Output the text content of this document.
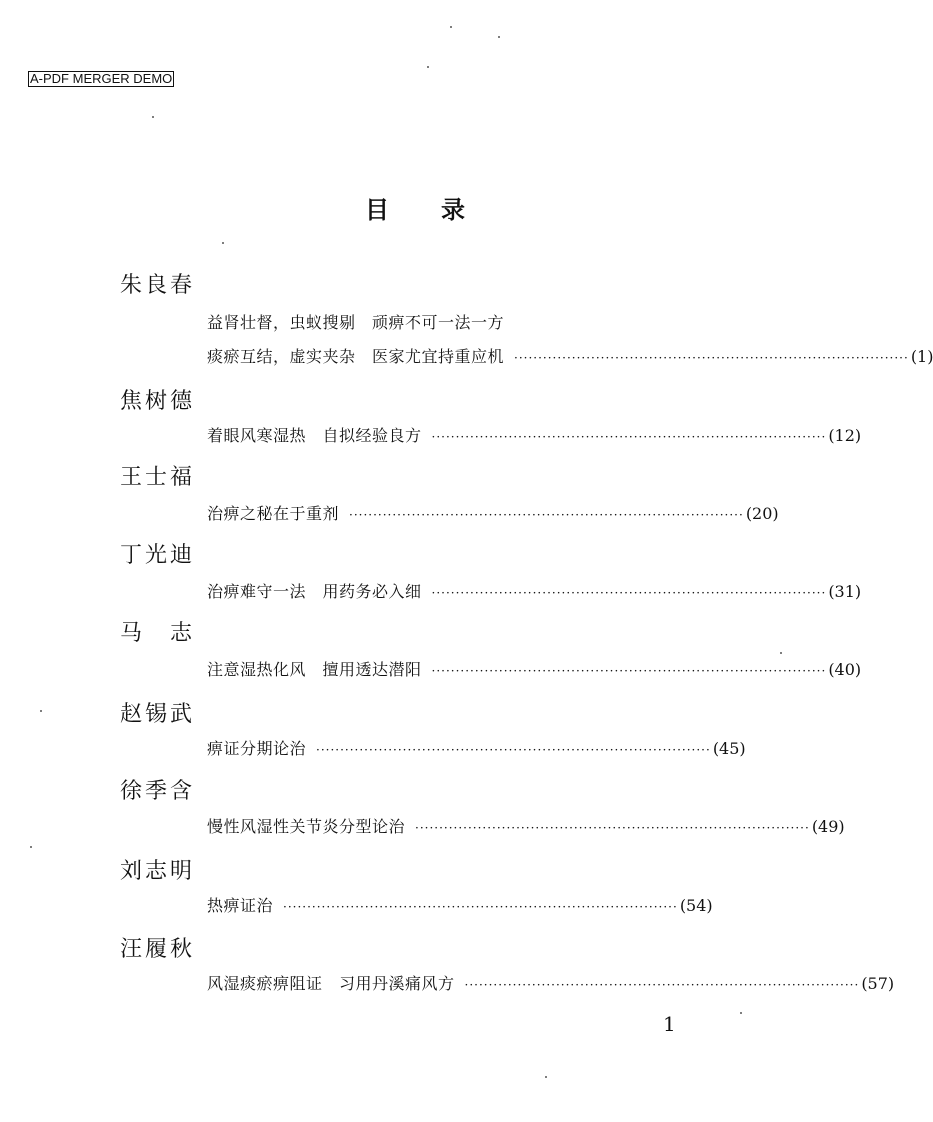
A-PDF MERGER DEMO
目 录
朱良春
益肾壮督，虫蚁搜剔　顽痹不可一法一方
痰瘀互结，虚实夹杂　医家尤宜持重应机 ·················································································· (1)
焦树德
着眼风寒湿热　自拟经验良方 ·················································································· (12)
王士福
治痹之秘在于重剂 ·················································································· (20)
丁光迪
治痹难守一法　用药务必入细 ·················································································· (31)
马　志
注意湿热化风　擅用透达潜阳 ·················································································· (40)
赵锡武
痹证分期论治 ·················································································· (45)
徐季含
慢性风湿性关节炎分型论治 ·················································································· (49)
刘志明
热痹证治 ·················································································· (54)
汪履秋
风湿痰瘀痹阻证　习用丹溪痛风方 ·················································································· (57)
1
